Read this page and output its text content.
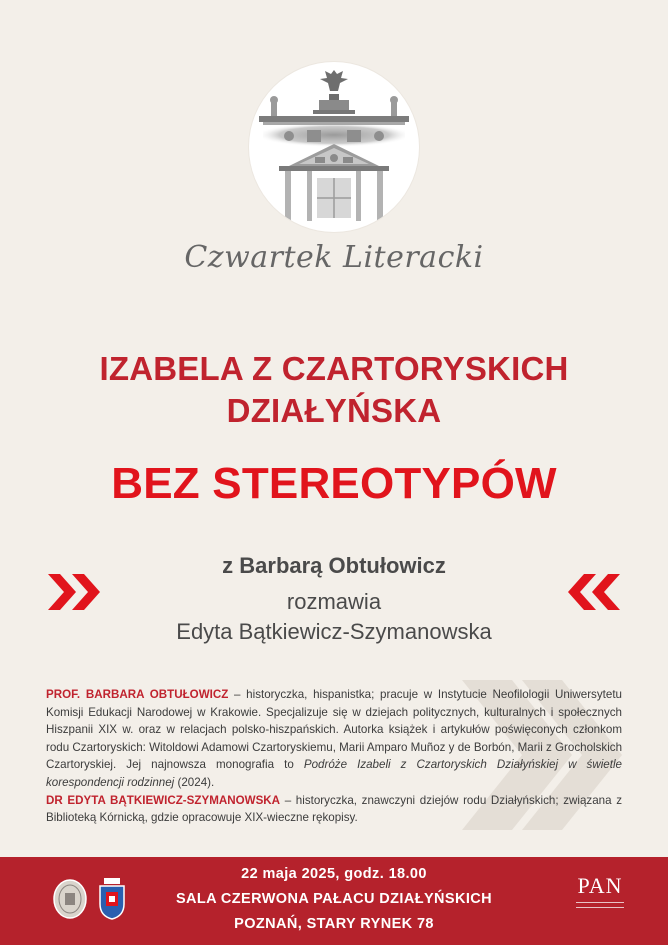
Czwartek Literacki
IZABELA Z CZARTORYSKICH
DZIAŁYŃSKA
BEZ STEREOTYPÓW
z Barbarą Obtułowicz
rozmawia
Edyta Bątkiewicz-Szymanowska

PROF. BARBARA OBTUŁOWICZ – historyczka, hispanistka; pracuje w Instytucie Neofilologii Uniwersytetu Komisji Edukacji Narodowej w Krakowie. Specjalizuje się w dziejach politycznych, kulturalnych i społecznych Hiszpanii XIX w. oraz w relacjach polsko-hiszpańskich. Autorka książek i artykułów poświęconych członkom rodu Czartoryskich: Witoldowi Adamowi Czartoryskiemu, Marii Amparo Muñoz y de Borbón, Marii z Grocholskich Czartoryskiej. Jej najnowsza monografia to Podróże Izabeli z Czartoryskich Działyńskiej w świetle korespondencji rodzinnej (2024).

DR EDYTA BĄTKIEWICZ-SZYMANOWSKA – historyczka, znawczyni dziejów rodu Działyńskich; związana z Biblioteką Kórnicką, gdzie opracowuje XIX-wieczne rękopisy.

22 maja 2025, godz. 18.00
SALA CZERWONA PAŁACU DZIAŁYŃSKICH
POZNAŃ, STARY RYNEK 78
PAN
